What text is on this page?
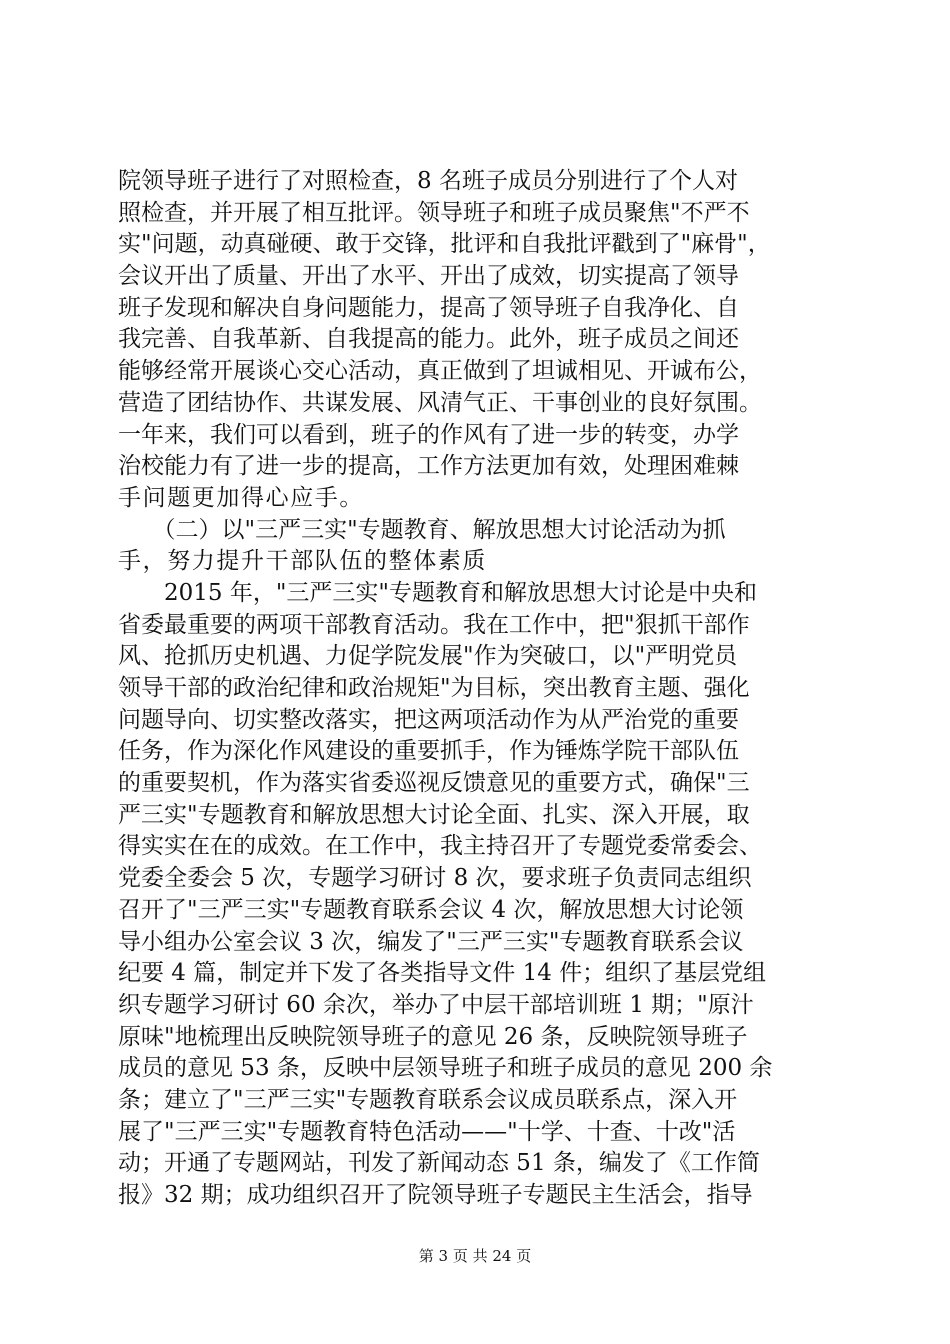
院领导班子进行了对照检查，8 名班子成员分别进行了个人对
照检查，并开展了相互批评。领导班子和班子成员聚焦"不严不
实"问题，动真碰硬、敢于交锋，批评和自我批评戳到了"麻骨"，
会议开出了质量、开出了水平、开出了成效，切实提高了领导
班子发现和解决自身问题能力，提高了领导班子自我净化、自
我完善、自我革新、自我提高的能力。此外，班子成员之间还
能够经常开展谈心交心活动，真正做到了坦诚相见、开诚布公，
营造了团结协作、共谋发展、风清气正、干事创业的良好氛围。
一年来，我们可以看到，班子的作风有了进一步的转变，办学
治校能力有了进一步的提高，工作方法更加有效，处理困难棘
手问题更加得心应手。
　　（二）以"三严三实"专题教育、解放思想大讨论活动为抓
手，努力提升干部队伍的整体素质
　　2015 年，"三严三实"专题教育和解放思想大讨论是中央和
省委最重要的两项干部教育活动。我在工作中，把"狠抓干部作
风、抢抓历史机遇、力促学院发展"作为突破口，以"严明党员
领导干部的政治纪律和政治规矩"为目标，突出教育主题、强化
问题导向、切实整改落实，把这两项活动作为从严治党的重要
任务，作为深化作风建设的重要抓手，作为锤炼学院干部队伍
的重要契机，作为落实省委巡视反馈意见的重要方式，确保"三
严三实"专题教育和解放思想大讨论全面、扎实、深入开展，取
得实实在在的成效。在工作中，我主持召开了专题党委常委会、
党委全委会 5 次，专题学习研讨 8 次，要求班子负责同志组织
召开了"三严三实"专题教育联系会议 4 次，解放思想大讨论领
导小组办公室会议 3 次，编发了"三严三实"专题教育联系会议
纪要 4 篇，制定并下发了各类指导文件 14 件；组织了基层党组
织专题学习研讨 60 余次，举办了中层干部培训班 1 期；"原汁
原味"地梳理出反映院领导班子的意见 26 条，反映院领导班子
成员的意见 53 条，反映中层领导班子和班子成员的意见 200 余
条；建立了"三严三实"专题教育联系会议成员联系点，深入开
展了"三严三实"专题教育特色活动——"十学、十查、十改"活
动；开通了专题网站，刊发了新闻动态 51 条，编发了《工作简
报》32 期；成功组织召开了院领导班子专题民主生活会，指导
第 3 页 共 24 页
